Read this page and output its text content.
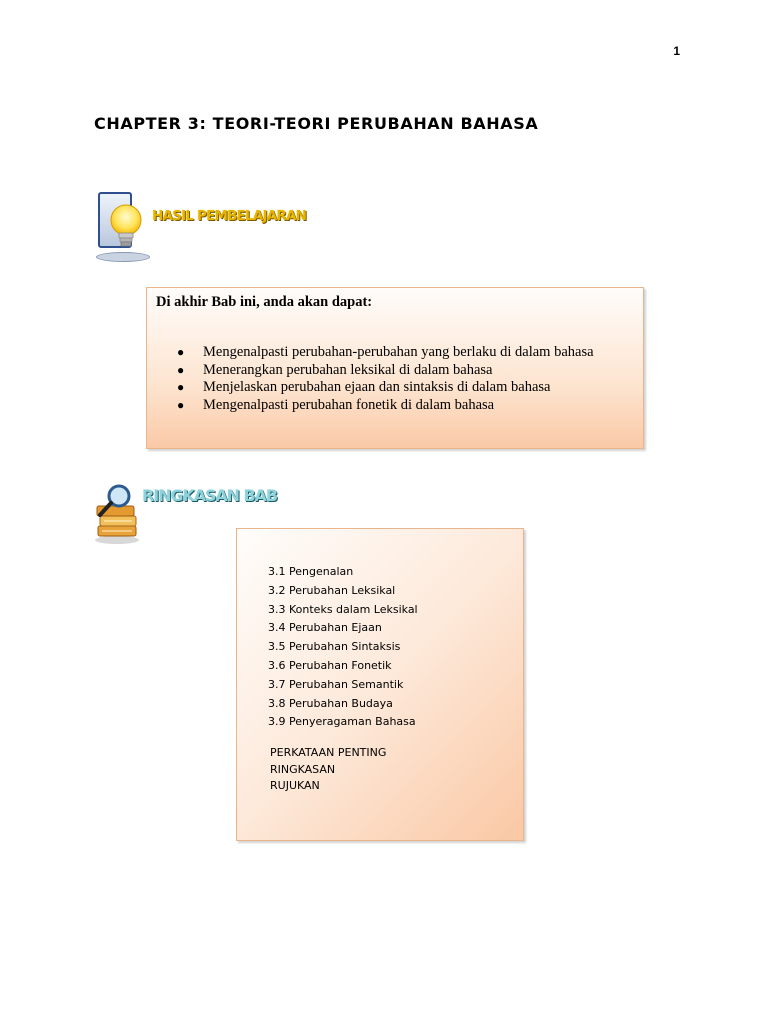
1
CHAPTER 3: TEORI-TEORI PERUBAHAN BAHASA
HASIL PEMBELAJARAN

Di akhir Bab ini, anda akan dapat:

● Mengenalpasti perubahan-perubahan yang berlaku di dalam bahasa
● Menerangkan perubahan leksikal di dalam bahasa
● Menjelaskan perubahan ejaan dan sintaksis di dalam bahasa
● Mengenalpasti perubahan fonetik di dalam bahasa
RINGKASAN BAB
3.1 Pengenalan
3.2 Perubahan Leksikal
3.3 Konteks dalam Leksikal
3.4 Perubahan Ejaan
3.5 Perubahan Sintaksis
3.6 Perubahan Fonetik
3.7 Perubahan Semantik
3.8 Perubahan Budaya
3.9 Penyeragaman Bahasa
PERKATAAN PENTING
RINGKASAN
RUJUKAN
